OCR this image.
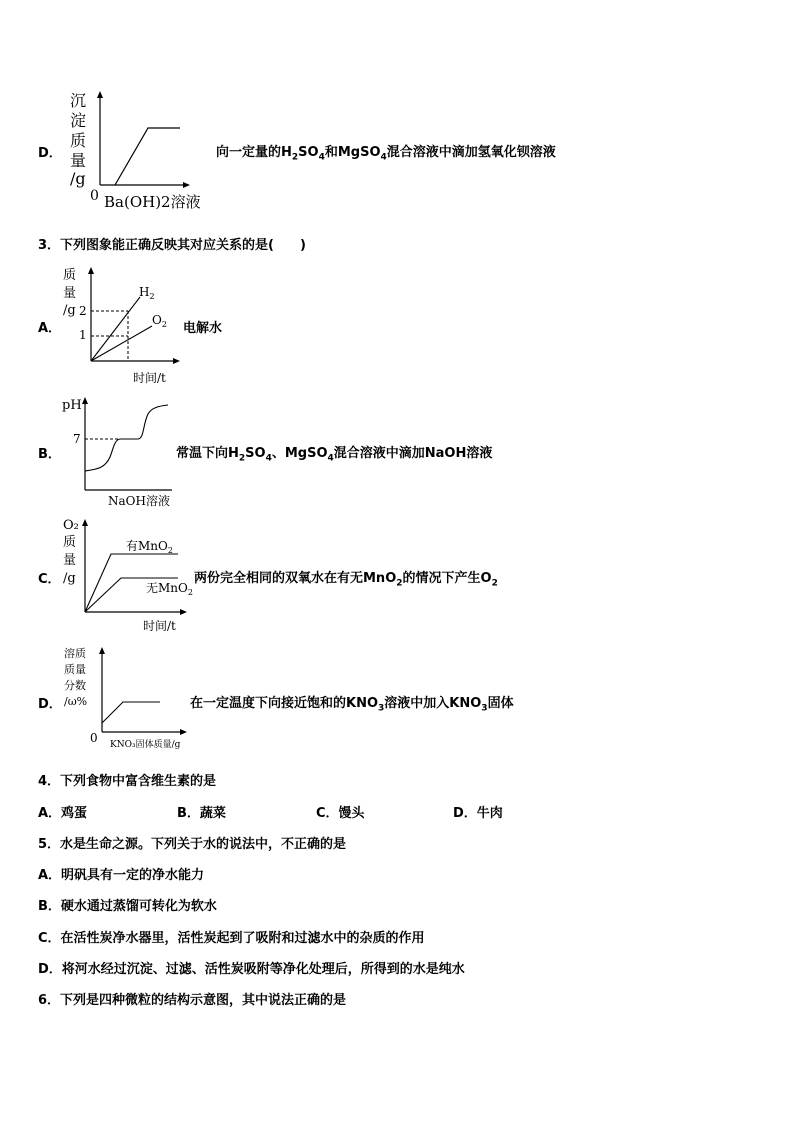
D．
沉
淀
质
量
/g
0 Ba(OH)2溶液
向一定量的$H_2SO_4$和MgSO$_4$混合溶液中滴加氢氧化钡溶液
3．下列图象能正确反映其对应关系的是(　　)
A．
质
量
/g 2
1
$H_2$
$O_2$
时间/t
电解水
B．
pH
7
NaOH溶液
常温下向$H_2SO_4$、MgSO$_4$混合溶液中滴加NaOH溶液
C．
O₂
质
量
/g
有MnO$_2$
无MnO$_2$
时间/t
两份完全相同的双氧水在有无MnO$_2$的情况下产生$O_2$
D．
溶质
质量
分数
/ω%
0 KNO₃固体质量/g
在一定温度下向接近饱和的$KNO_3$溶液中加入$KNO_3$固体
4．下列食物中富含维生素的是
A．鸡蛋	B．蔬菜	C．馒头	D．牛肉
5．水是生命之源。下列关于水的说法中，不正确的是
A．明矾具有一定的净水能力
B．硬水通过蒸馏可转化为软水
C．在活性炭净水器里，活性炭起到了吸附和过滤水中的杂质的作用
D．将河水经过沉淀、过滤、活性炭吸附等净化处理后，所得到的水是纯水
6．下列是四种微粒的结构示意图，其中说法正确的是
